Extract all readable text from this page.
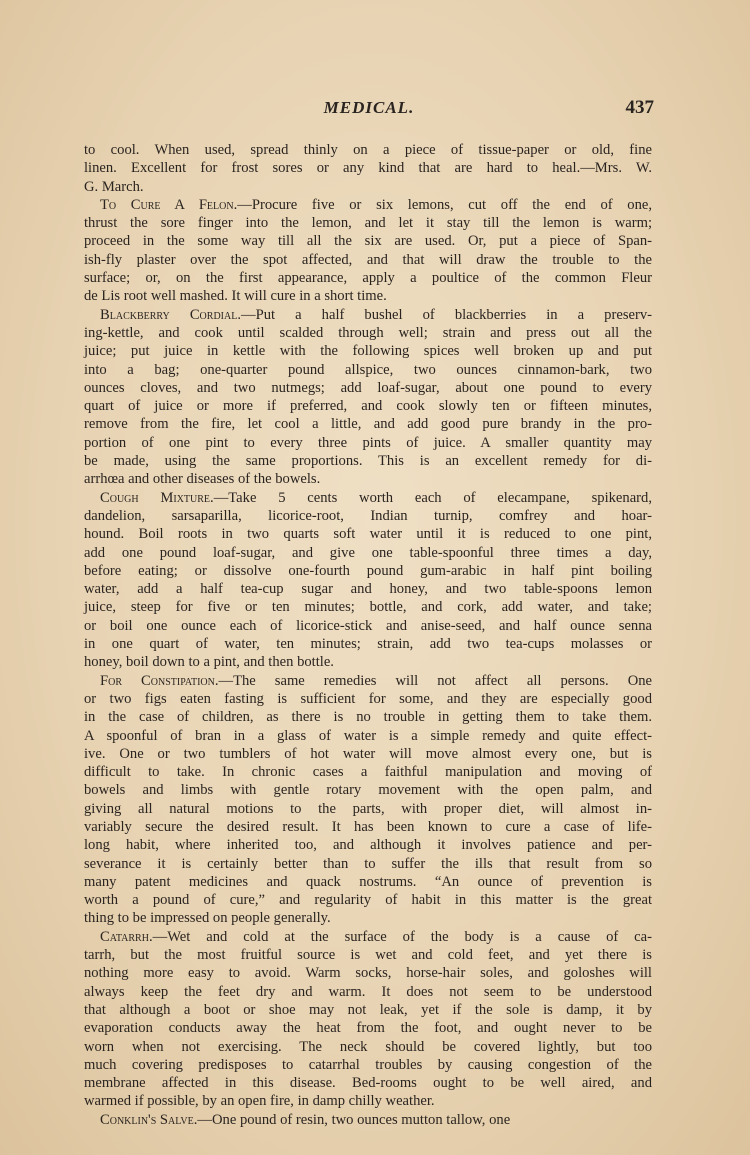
MEDICAL.	437
to cool. When used, spread thinly on a piece of tissue-paper or old, fine
linen. Excellent for frost sores or any kind that are hard to heal.—Mrs. W.
G. March.
To Cure A Felon.—Procure five or six lemons, cut off the end of one,
thrust the sore finger into the lemon, and let it stay till the lemon is warm;
proceed in the some way till all the six are used. Or, put a piece of Span-
ish-fly plaster over the spot affected, and that will draw the trouble to the
surface; or, on the first appearance, apply a poultice of the common Fleur
de Lis root well mashed. It will cure in a short time.
Blackberry Cordial.—Put a half bushel of blackberries in a preserv-
ing-kettle, and cook until scalded through well; strain and press out all the
juice; put juice in kettle with the following spices well broken up and put
into a bag; one-quarter pound allspice, two ounces cinnamon-bark, two
ounces cloves, and two nutmegs; add loaf-sugar, about one pound to every
quart of juice or more if preferred, and cook slowly ten or fifteen minutes,
remove from the fire, let cool a little, and add good pure brandy in the pro-
portion of one pint to every three pints of juice. A smaller quantity may
be made, using the same proportions. This is an excellent remedy for di-
arrhœa and other diseases of the bowels.
Cough Mixture.—Take 5 cents worth each of elecampane, spikenard,
dandelion, sarsaparilla, licorice-root, Indian turnip, comfrey and hoar-
hound. Boil roots in two quarts soft water until it is reduced to one pint,
add one pound loaf-sugar, and give one table-spoonful three times a day,
before eating; or dissolve one-fourth pound gum-arabic in half pint boiling
water, add a half tea-cup sugar and honey, and two table-spoons lemon
juice, steep for five or ten minutes; bottle, and cork, add water, and take;
or boil one ounce each of licorice-stick and anise-seed, and half ounce senna
in one quart of water, ten minutes; strain, add two tea-cups molasses or
honey, boil down to a pint, and then bottle.
For Constipation.—The same remedies will not affect all persons. One
or two figs eaten fasting is sufficient for some, and they are especially good
in the case of children, as there is no trouble in getting them to take them.
A spoonful of bran in a glass of water is a simple remedy and quite effect-
ive. One or two tumblers of hot water will move almost every one, but is
difficult to take. In chronic cases a faithful manipulation and moving of
bowels and limbs with gentle rotary movement with the open palm, and
giving all natural motions to the parts, with proper diet, will almost in-
variably secure the desired result. It has been known to cure a case of life-
long habit, where inherited too, and although it involves patience and per-
severance it is certainly better than to suffer the ills that result from so
many patent medicines and quack nostrums. “An ounce of prevention is
worth a pound of cure,” and regularity of habit in this matter is the great
thing to be impressed on people generally.
Catarrh.—Wet and cold at the surface of the body is a cause of ca-
tarrh, but the most fruitful source is wet and cold feet, and yet there is
nothing more easy to avoid. Warm socks, horse-hair soles, and goloshes will
always keep the feet dry and warm. It does not seem to be understood
that although a boot or shoe may not leak, yet if the sole is damp, it by
evaporation conducts away the heat from the foot, and ought never to be
worn when not exercising. The neck should be covered lightly, but too
much covering predisposes to catarrhal troubles by causing congestion of the
membrane affected in this disease. Bed-rooms ought to be well aired, and
warmed if possible, by an open fire, in damp chilly weather.
Conklin's Salve.—One pound of resin, two ounces mutton tallow, one
